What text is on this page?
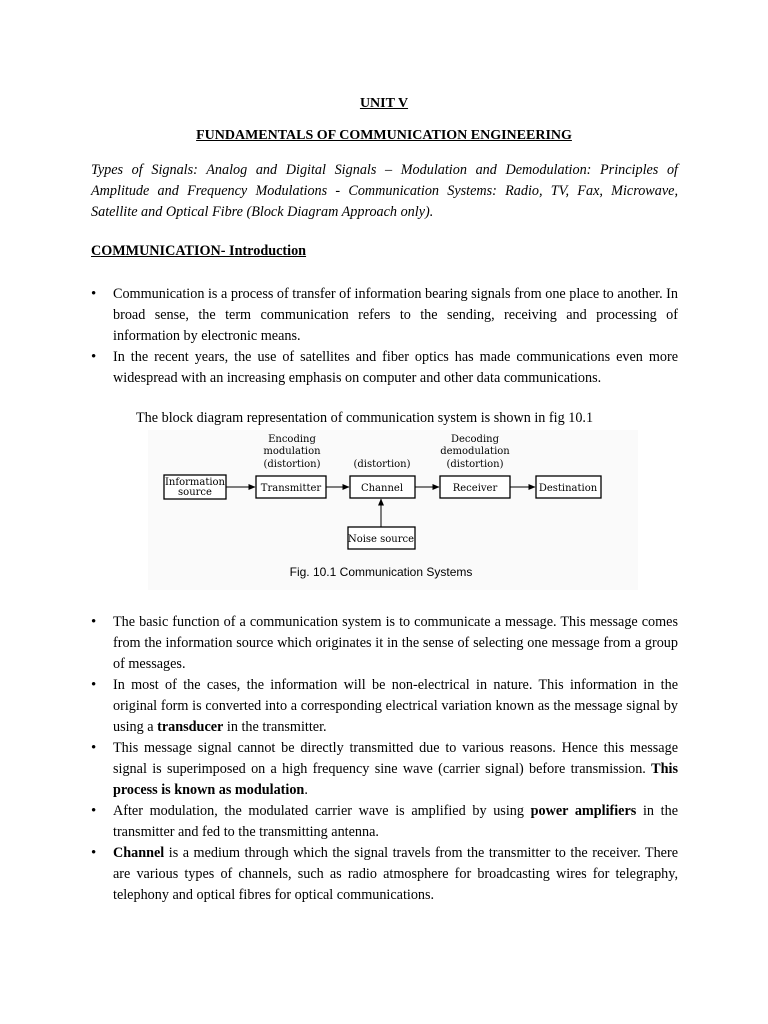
UNIT V
FUNDAMENTALS OF COMMUNICATION ENGINEERING
Types of Signals: Analog and Digital Signals – Modulation and Demodulation: Principles of Amplitude and Frequency Modulations - Communication Systems: Radio, TV, Fax, Microwave, Satellite and Optical Fibre (Block Diagram Approach only).
COMMUNICATION- Introduction
• Communication is a process of transfer of information bearing signals from one place to another. In broad sense, the term communication refers to the sending, receiving and processing of information by electronic means.
• In the recent years, the use of satellites and fiber optics has made communications even more widespread with an increasing emphasis on computer and other data communications.
The block diagram representation of communication system is shown in fig 10.1
Encoding
modulation
(distortion)	(distortion)
Decoding
demodulation
(distortion)
Information
source	Transmitter	Channel	Receiver	Destination
Noise source
Fig. 10.1 Communication Systems
• The basic function of a communication system is to communicate a message. This message comes from the information source which originates it in the sense of selecting one message from a group of messages.
• In most of the cases, the information will be non-electrical in nature. This information in the original form is converted into a corresponding electrical variation known as the message signal by using a transducer in the transmitter.
• This message signal cannot be directly transmitted due to various reasons. Hence this message signal is superimposed on a high frequency sine wave (carrier signal) before transmission. This process is known as modulation.
• After modulation, the modulated carrier wave is amplified by using power amplifiers in the transmitter and fed to the transmitting antenna.
• Channel is a medium through which the signal travels from the transmitter to the receiver. There are various types of channels, such as radio atmosphere for broadcasting wires for telegraphy, telephony and optical fibres for optical communications.
